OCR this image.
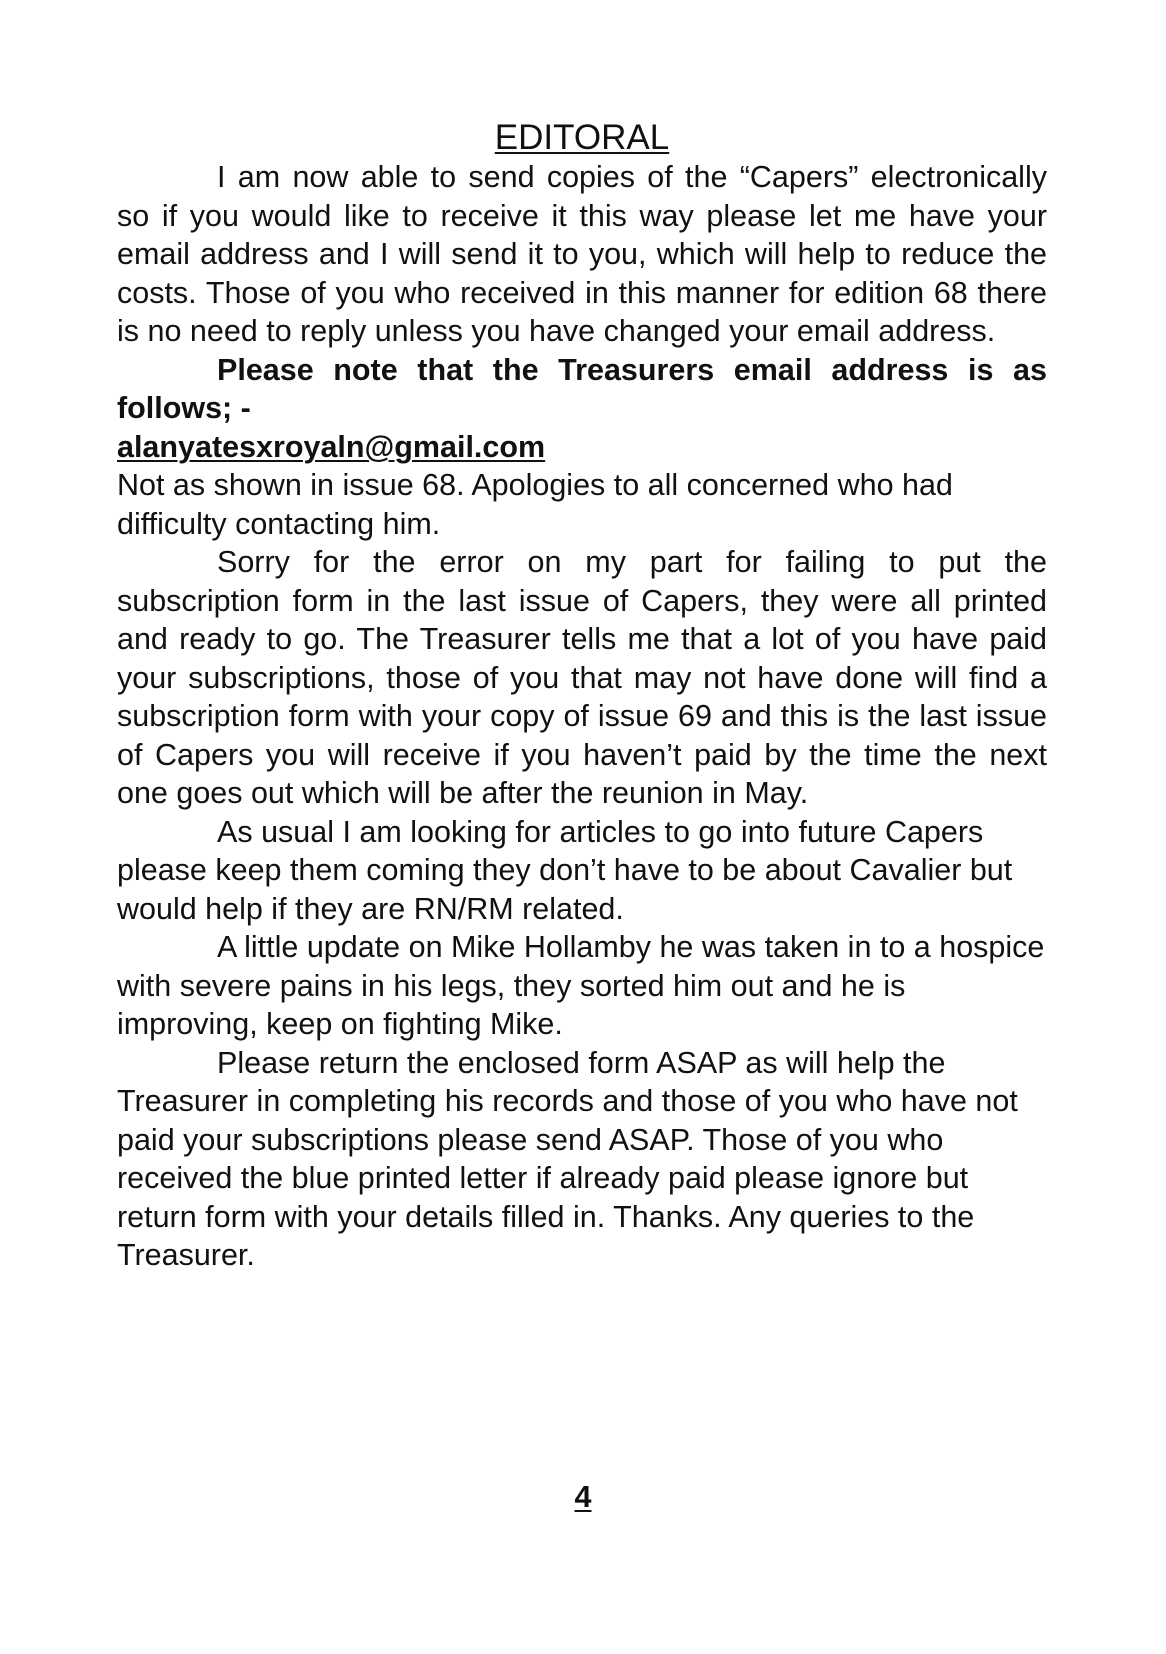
EDITORAL

I am now able to send copies of the “Capers” electronically so if you would like to receive it this way please let me have your email address and I will send it to you, which will help to reduce the costs. Those of you who received in this manner for edition 68 there is no need to reply unless you have changed your email address.

Please note that the Treasurers email address is as follows; -

alanyatesxroyaln@gmail.com

Not as shown in issue 68. Apologies to all concerned who had difficulty contacting him.

Sorry for the error on my part for failing to put the subscription form in the last issue of Capers, they were all printed and ready to go. The Treasurer tells me that a lot of you have paid your subscriptions, those of you that may not have done will find a subscription form with your copy of issue 69 and this is the last issue of Capers you will receive if you haven’t paid by the time the next one goes out which will be after the reunion in May.

As usual I am looking for articles to go into future Capers please keep them coming they don’t have to be about Cavalier but would help if they are RN/RM related.

A little update on Mike Hollamby he was taken in to a hospice with severe pains in his legs, they sorted him out and he is improving, keep on fighting Mike.

Please return the enclosed form ASAP as will help the Treasurer in completing his records and those of you who have not paid your subscriptions please send ASAP. Those of you who received the blue printed letter if already paid please ignore but return form with your details filled in. Thanks. Any queries to the Treasurer.

4
